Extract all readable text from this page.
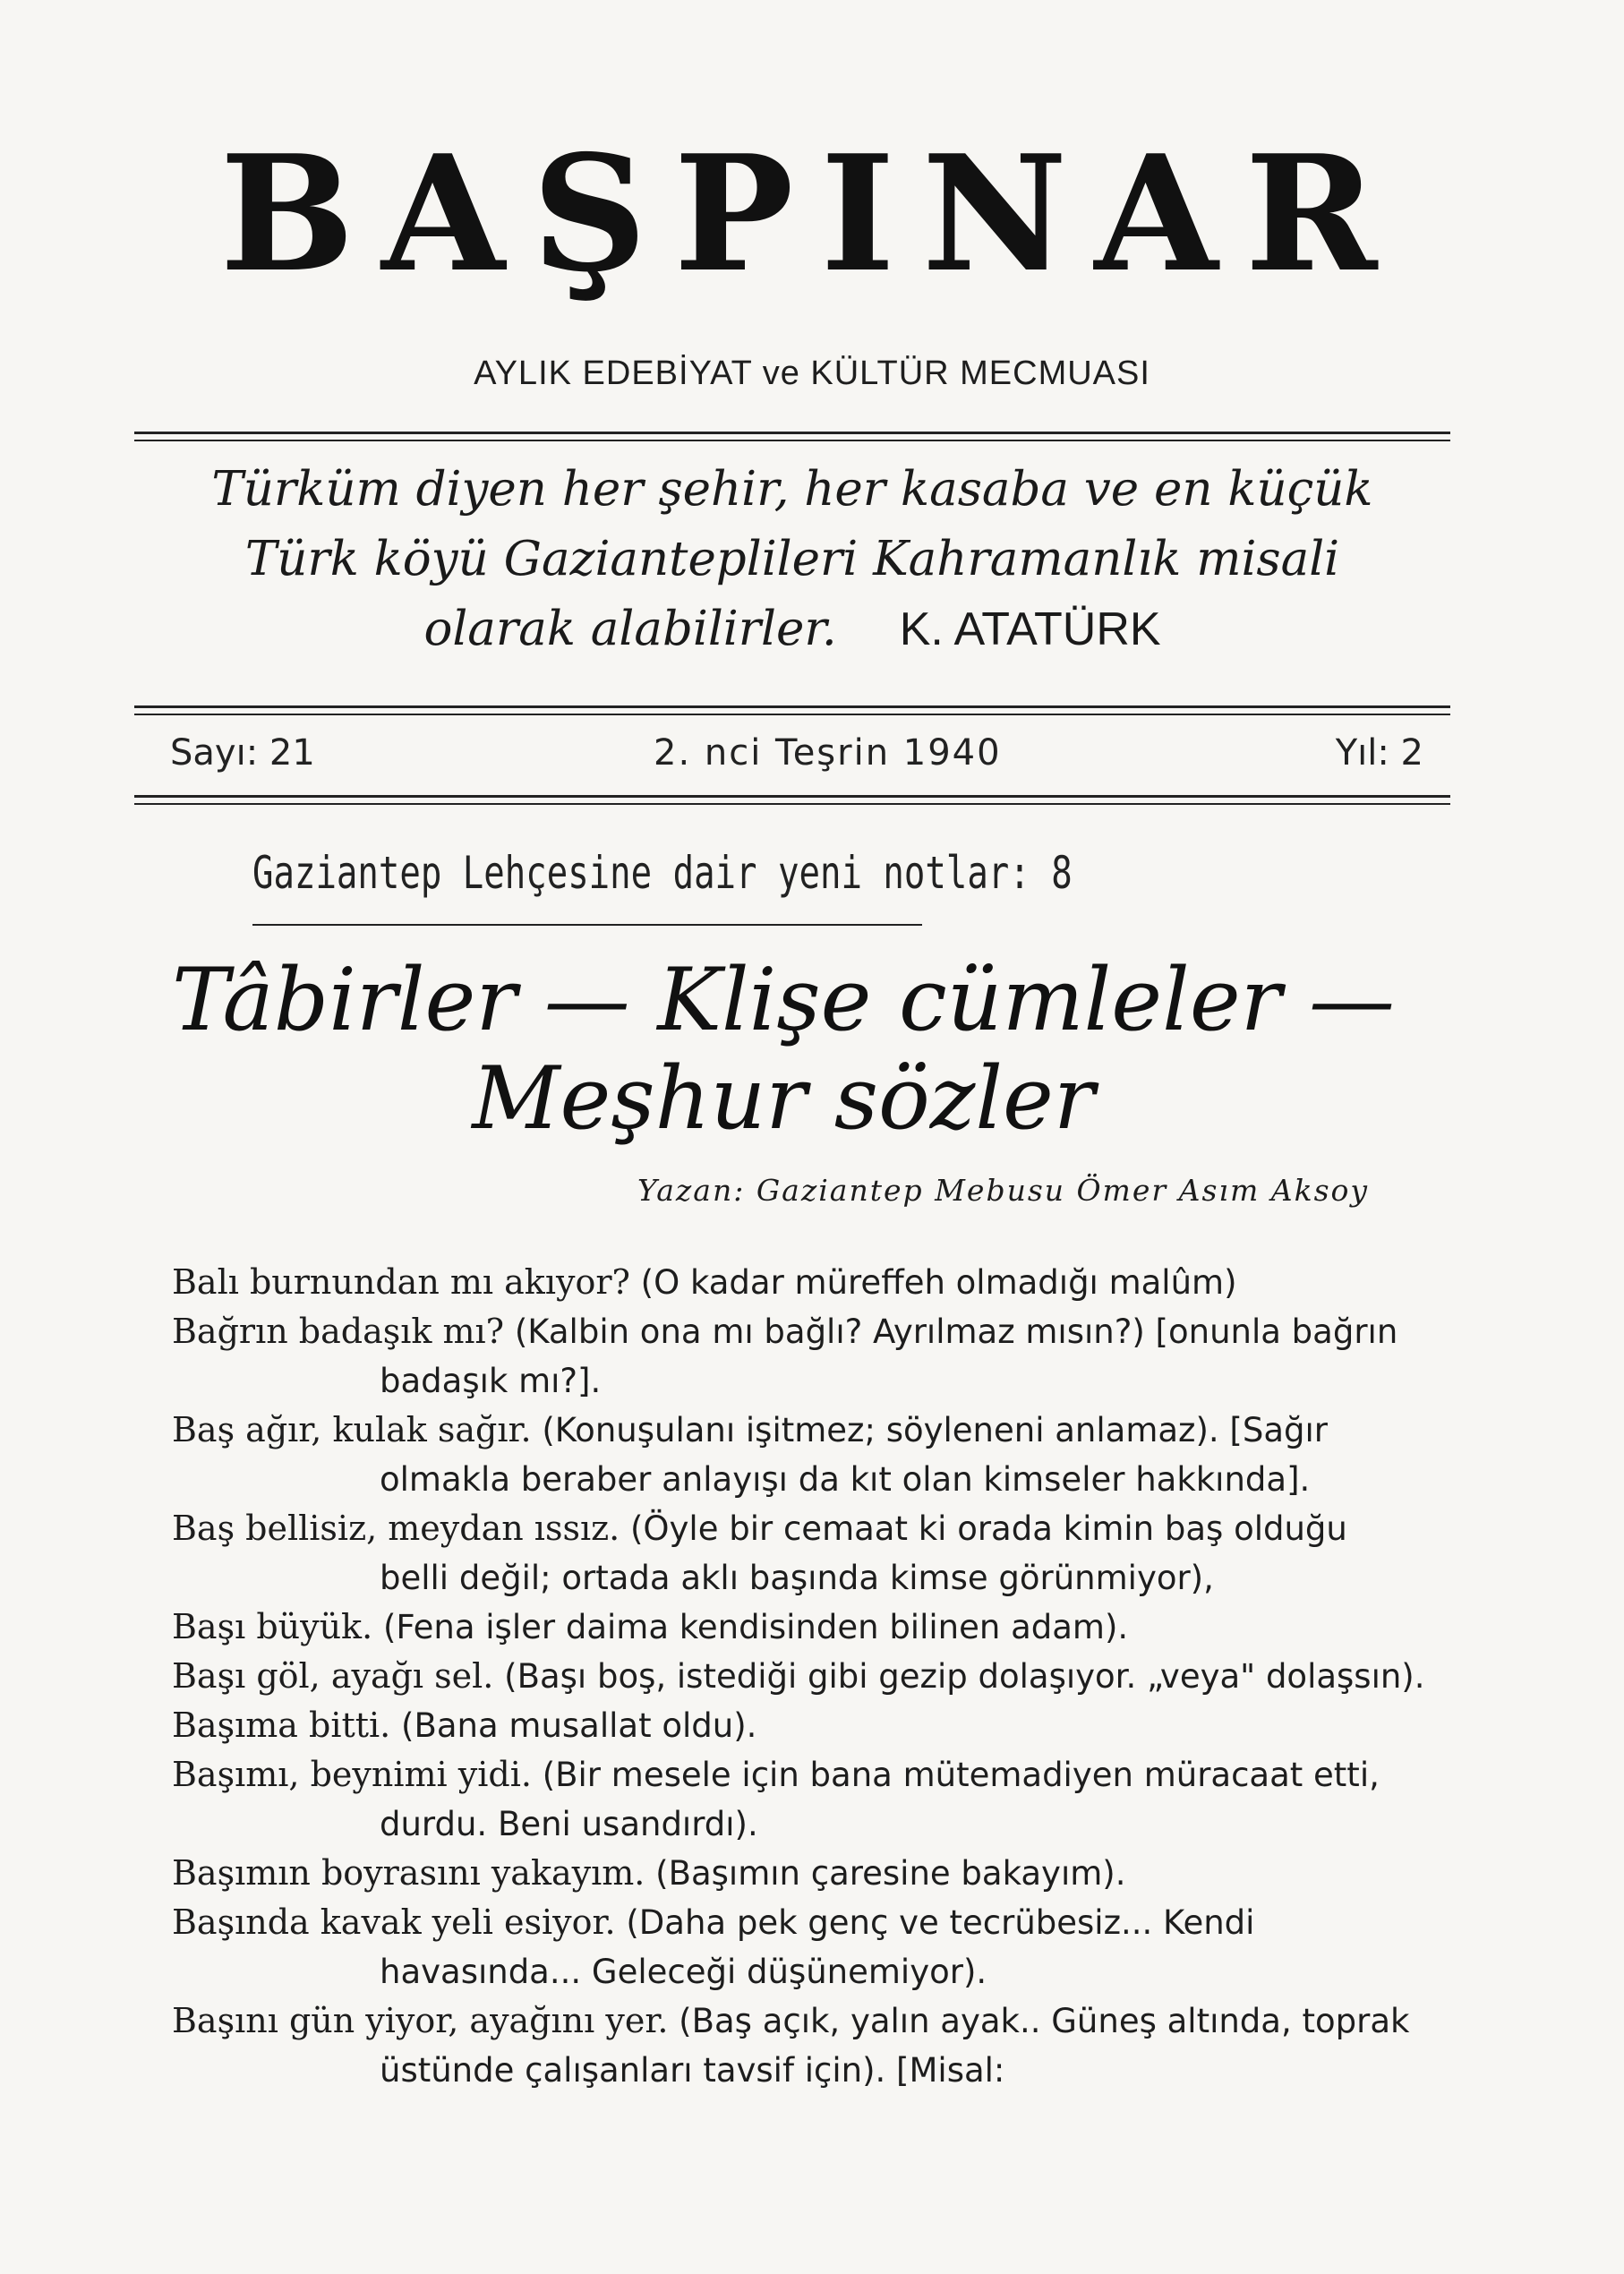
BAŞPINAR
AYLIK EDEBİYAT ve KÜLTÜR MECMUASI
Türküm diyen her şehir, her kasaba ve en küçük
Türk köyü Gaziantеplileri Kahramanlık misali
olarak alabilirler. K. ATATÜRK
Sayı: 21	2. nci Teşrin 1940	Yıl: 2
Gaziantep Lehçesine dair yeni notlar: 8
Tâbirler — Klişe cümleler —
Meşhur sözler
Yazan: Gaziantep Mebusu Ömer Asım Aksoy
Balı burnundan mı akıyor? (O kadar müreffeh olmadığı malûm)
Bağrın badaşık mı? (Kalbin ona mı bağlı? Ayrılmaz mısın?) [onunla bağrın badaşık mı?].
Baş ağır, kulak sağır. (Konuşulanı işitmez; söyleneni anlamaz). [Sağır olmakla beraber anlayışı da kıt olan kimseler hakkında].
Baş bellisiz, meydan ıssız. (Öyle bir cemaat ki orada kimin baş olduğu belli değil; ortada aklı başında kimse görünmiyor),
Başı büyük. (Fena işler daima kendisinden bilinen adam).
Başı göl, ayağı sel. (Başı boş, istediği gibi gezip dolaşıyor. „veya" dolaşsın).
Başıma bitti. (Bana musallat oldu).
Başımı, beynimi yidi. (Bir mesele için bana mütemadiyen müracaat etti, durdu. Beni usandırdı).
Başımın boyrasını yakayım. (Başımın çaresine bakayım).
Başında kavak yeli esiyor. (Daha pek genç ve tecrübesiz... Kendi havasında... Geleceği düşünemiyor).
Başını gün yiyor, ayağını yer. (Baş açık, yalın ayak.. Güneş altında, toprak üstünde çalışanları tavsif için). [Misal:
